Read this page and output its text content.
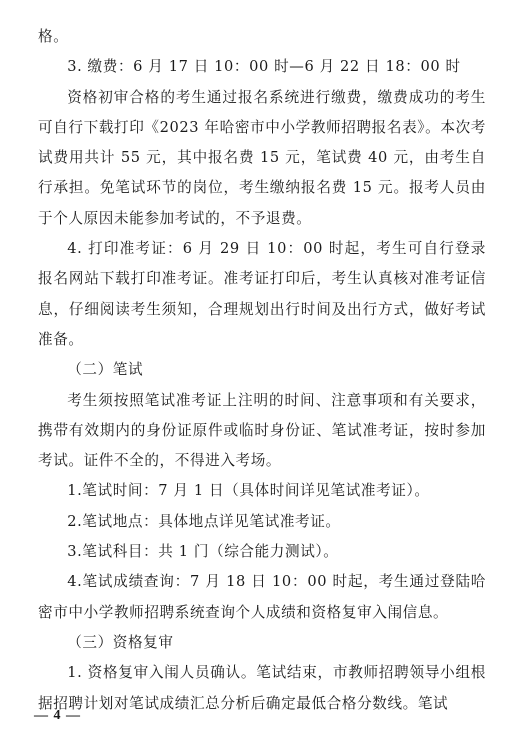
格。

3. 缴费：6 月 17 日 10：00 时—6 月 22 日 18：00 时

资格初审合格的考生通过报名系统进行缴费，缴费成功的考生可自行下载打印《2023 年哈密市中小学教师招聘报名表》。本次考试费用共计 55 元，其中报名费 15 元，笔试费 40 元，由考生自行承担。免笔试环节的岗位，考生缴纳报名费 15 元。报考人员由于个人原因未能参加考试的，不予退费。

4. 打印准考证：6 月 29 日 10：00 时起，考生可自行登录报名网站下载打印准考证。准考证打印后，考生认真核对准考证信息，仔细阅读考生须知，合理规划出行时间及出行方式，做好考试准备。

（二）笔试

考生须按照笔试准考证上注明的时间、注意事项和有关要求，携带有效期内的身份证原件或临时身份证、笔试准考证，按时参加考试。证件不全的，不得进入考场。

1.笔试时间：7 月 1 日（具体时间详见笔试准考证）。

2.笔试地点：具体地点详见笔试准考证。

3.笔试科目：共 1 门（综合能力测试）。

4.笔试成绩查询：7 月 18 日 10：00 时起，考生通过登陆哈密市中小学教师招聘系统查询个人成绩和资格复审入闱信息。

（三）资格复审

1. 资格复审入闱人员确认。笔试结束，市教师招聘领导小组根据招聘计划对笔试成绩汇总分析后确定最低合格分数线。笔试

— 4 —
